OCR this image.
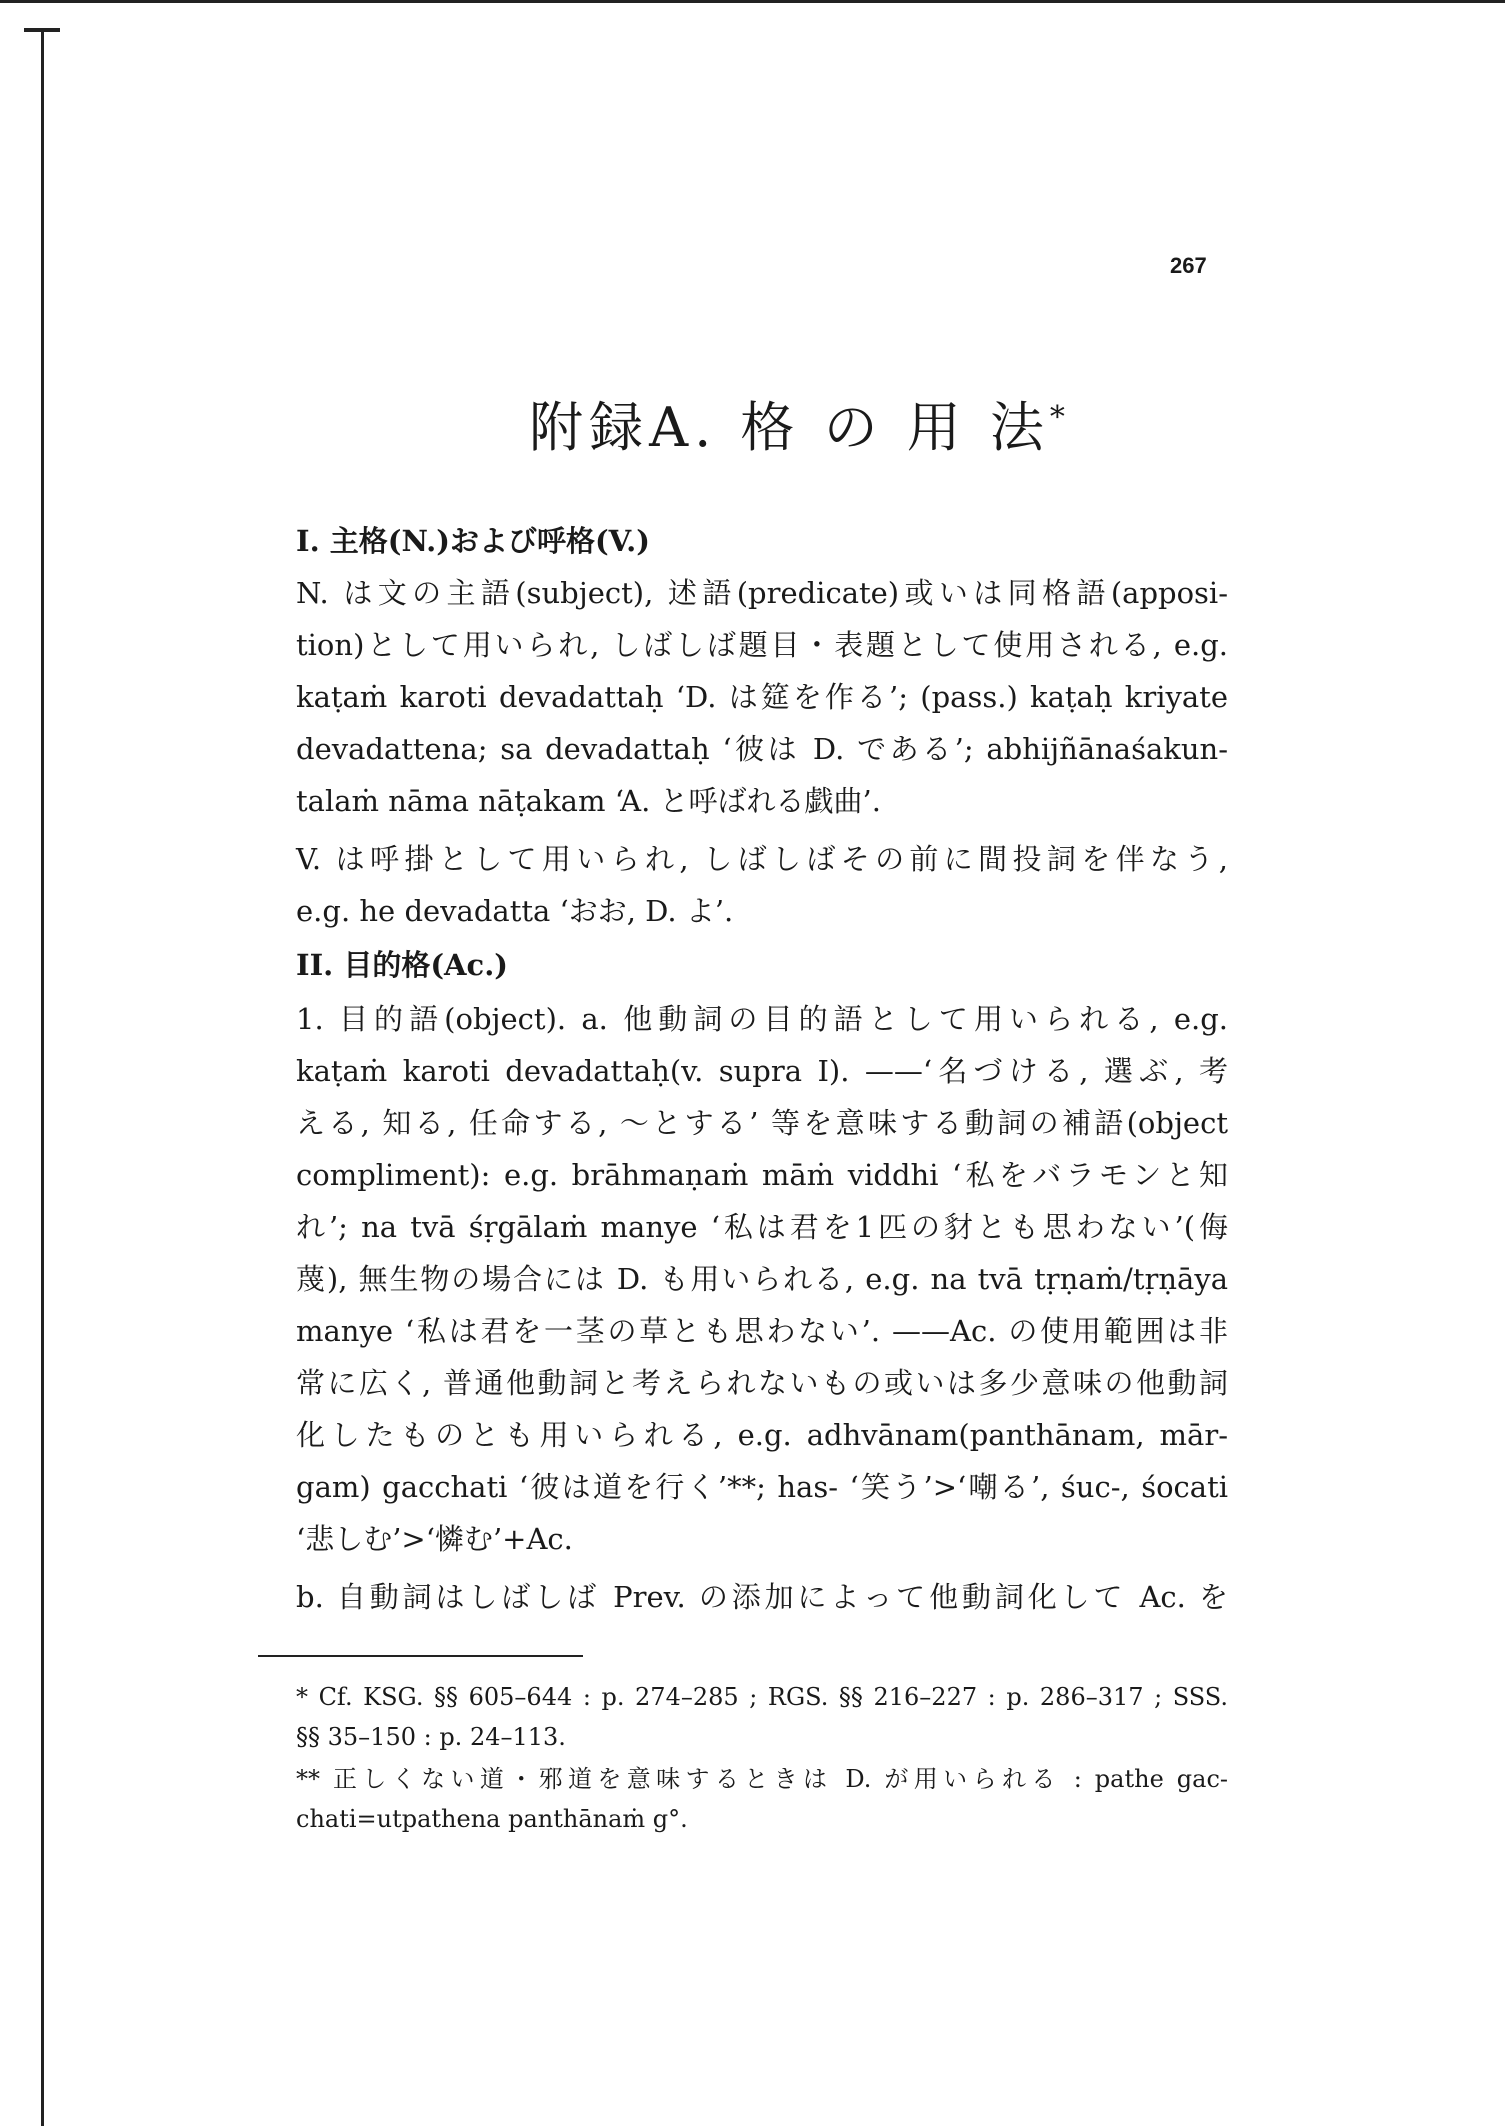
267
附録A. 格 の 用 法*
I. 主格(N.)および呼格(V.)
N. は文の主語(subject), 述語(predicate)或いは同格語(apposi-
tion)として用いられ, しばしば題目・表題として使用される, e.g.
kaṭaṁ karoti devadattaḥ ‘D. は筵を作る’; (pass.) kaṭaḥ kriyate
devadattena; sa devadattaḥ ‘彼は D. である’; abhijñānaśakun-
talaṁ nāma nāṭakam ‘A. と呼ばれる戯曲’.
V. は呼掛として用いられ, しばしばその前に間投詞を伴なう,
e.g. he devadatta ‘おお, D. よ’.
II. 目的格(Ac.)
1. 目的語(object). a. 他動詞の目的語として用いられる, e.g.
kaṭaṁ karoti devadattaḥ(v. supra I). ——‘名づける, 選ぶ, 考
える, 知る, 任命する, ～とする’ 等を意味する動詞の補語(object
compliment): e.g. brāhmaṇaṁ māṁ viddhi ‘私をバラモンと知
れ’; na tvā śṛgālaṁ manye ‘私は君を1匹の豺とも思わない’(侮
蔑), 無生物の場合には D. も用いられる, e.g. na tvā tṛṇaṁ/tṛṇāya
manye ‘私は君を一茎の草とも思わない’. ——Ac. の使用範囲は非
常に広く, 普通他動詞と考えられないもの或いは多少意味の他動詞
化したものとも用いられる, e.g. adhvānam(panthānam, mār-
gam) gacchati ‘彼は道を行く’**; has- ‘笑う’>‘嘲る’, śuc-, śocati
‘悲しむ’>‘憐む’+Ac.
b. 自動詞はしばしば Prev. の添加によって他動詞化して Ac. を
* Cf. KSG. §§ 605–644 : p. 274–285 ; RGS. §§ 216–227 : p. 286–317 ; SSS.
§§ 35–150 : p. 24–113.
** 正しくない道・邪道を意味するときは D. が用いられる : pathe gac-
chati=utpathena panthānaṁ g°.
